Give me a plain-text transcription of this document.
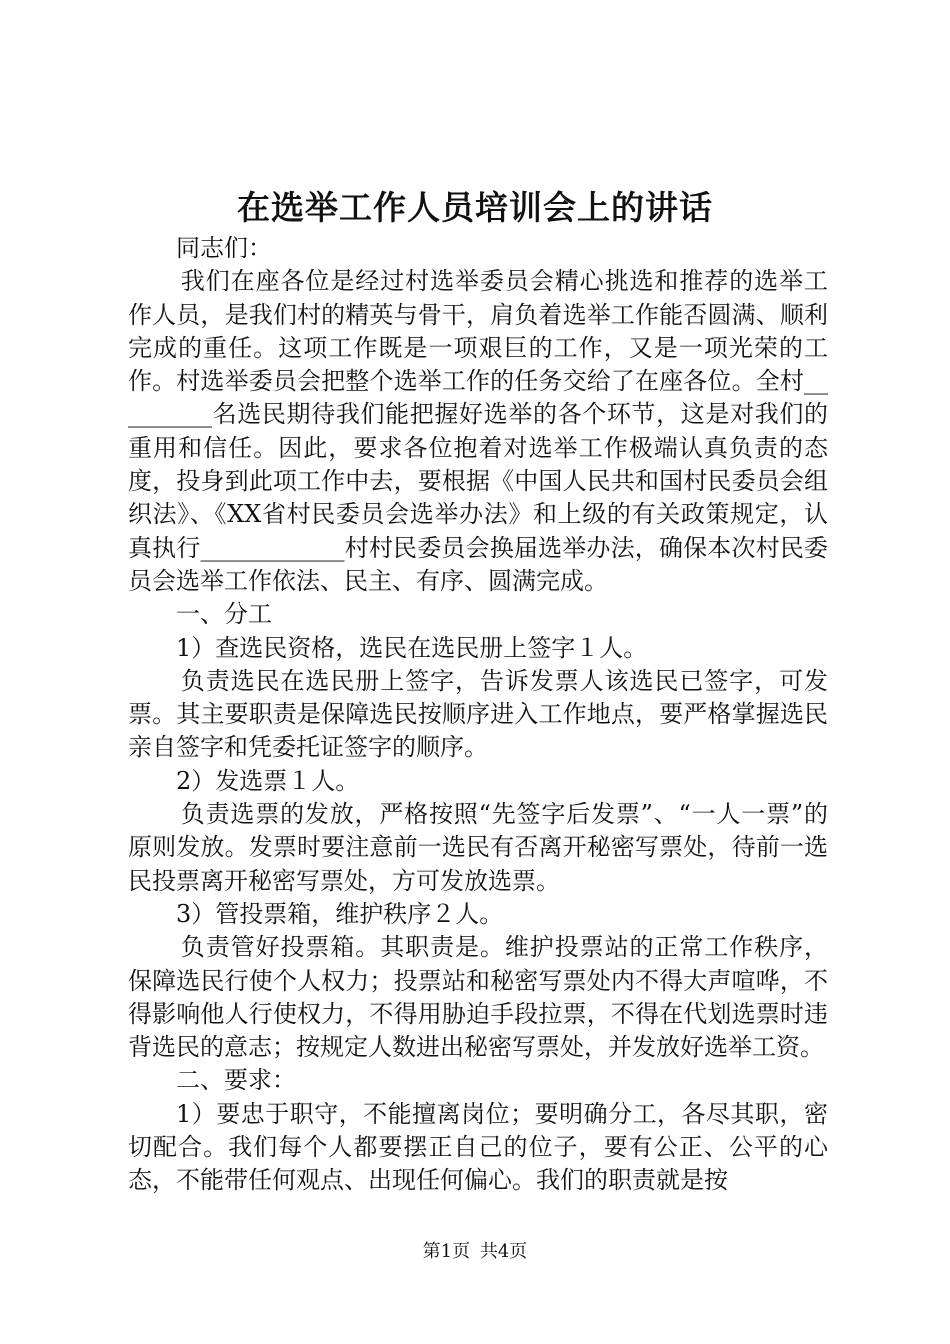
在选举工作人员培训会上的讲话

同志们：

我们在座各位是经过村选举委员会精心挑选和推荐的选举工作人员，是我们村的精英与骨干，肩负着选举工作能否圆满、顺利完成的重任。这项工作既是一项艰巨的工作，又是一项光荣的工作。村选举委员会把整个选举工作的任务交给了在座各位。全村_________名选民期待我们能把握好选举的各个环节，这是对我们的重用和信任。因此，要求各位抱着对选举工作极端认真负责的态度，投身到此项工作中去，要根据《中国人民共和国村民委员会组织法》、《XX省村民委员会选举办法》和上级的有关政策规定，认真执行____________村村民委员会换届选举办法，确保本次村民委员会选举工作依法、民主、有序、圆满完成。

一、分工

1）查选民资格，选民在选民册上签字１人。

负责选民在选民册上签字，告诉发票人该选民已签字，可发票。其主要职责是保障选民按顺序进入工作地点，要严格掌握选民亲自签字和凭委托证签字的顺序。

2）发选票１人。

负责选票的发放，严格按照“先签字后发票”、“一人一票”的原则发放。发票时要注意前一选民有否离开秘密写票处，待前一选民投票离开秘密写票处，方可发放选票。

3）管投票箱，维护秩序２人。

负责管好投票箱。其职责是。维护投票站的正常工作秩序，保障选民行使个人权力；投票站和秘密写票处内不得大声喧哗，不得影响他人行使权力，不得用胁迫手段拉票，不得在代划选票时违背选民的意志；按规定人数进出秘密写票处，并发放好选举工资。

二、要求：

1）要忠于职守，不能擅离岗位；要明确分工，各尽其职，密切配合。我们每个人都要摆正自己的位子，要有公正、公平的心态，不能带任何观点、出现任何偏心。我们的职责就是按

第1页 共4页
